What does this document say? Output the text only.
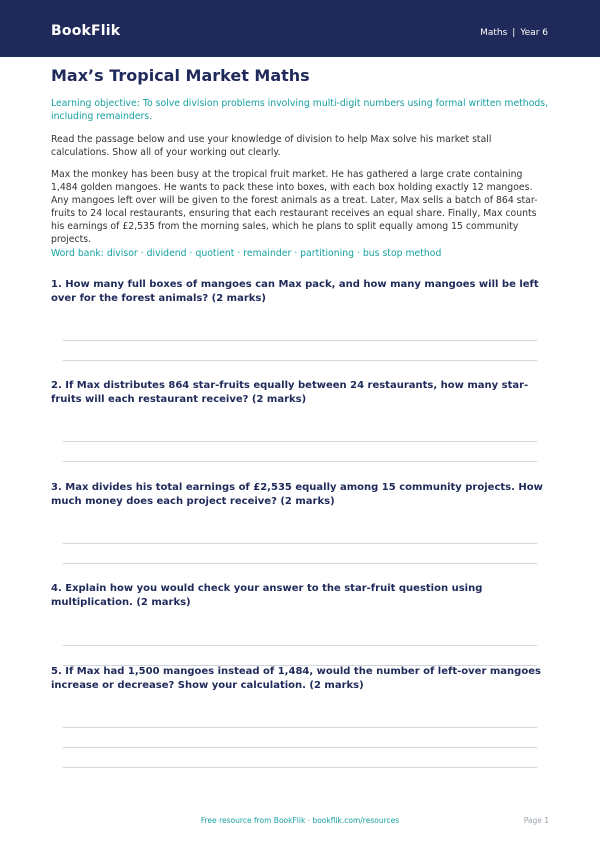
BookFlik	Maths | Year 6
Max’s Tropical Market Maths
Learning objective: To solve division problems involving multi-digit numbers using formal written methods, including remainders.
Read the passage below and use your knowledge of division to help Max solve his market stall calculations. Show all of your working out clearly.
Max the monkey has been busy at the tropical fruit market. He has gathered a large crate containing 1,484 golden mangoes. He wants to pack these into boxes, with each box holding exactly 12 mangoes. Any mangoes left over will be given to the forest animals as a treat. Later, Max sells a batch of 864 star-fruits to 24 local restaurants, ensuring that each restaurant receives an equal share. Finally, Max counts his earnings of £2,535 from the morning sales, which he plans to split equally among 15 community projects.
Word bank: divisor · dividend · quotient · remainder · partitioning · bus stop method
1. How many full boxes of mangoes can Max pack, and how many mangoes will be left over for the forest animals? (2 marks)
2. If Max distributes 864 star-fruits equally between 24 restaurants, how many star-fruits will each restaurant receive? (2 marks)
3. Max divides his total earnings of £2,535 equally among 15 community projects. How much money does each project receive? (2 marks)
4. Explain how you would check your answer to the star-fruit question using multiplication. (2 marks)
5. If Max had 1,500 mangoes instead of 1,484, would the number of left-over mangoes increase or decrease? Show your calculation. (2 marks)
Free resource from BookFlik · bookflik.com/resources	Page 1
